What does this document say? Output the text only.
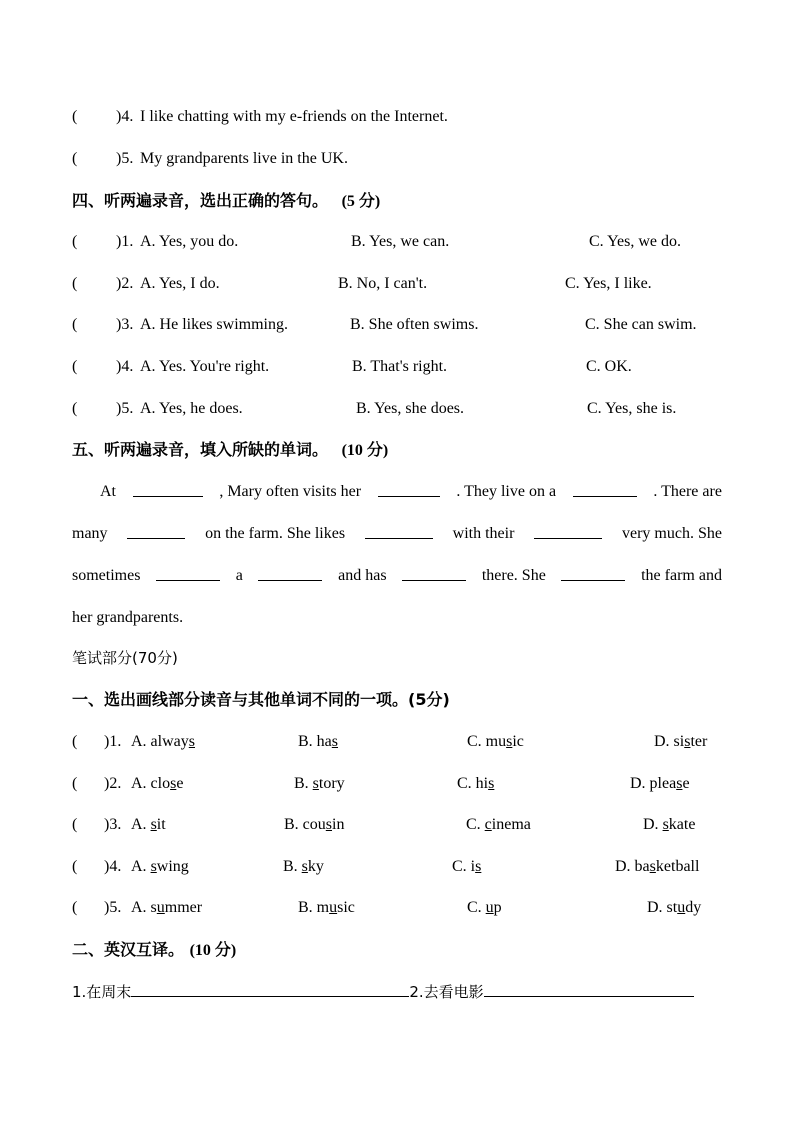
( )4. I like chatting with my e-friends on the Internet.
( )5. My grandparents live in the UK.
四、听两遍录音，选出正确的答句。 (5 分)
( )1. A. Yes, you do.	B. Yes, we can.	C. Yes, we do.
( )2. A. Yes, I do.	B. No, I can't.	C. Yes, I like.
( )3. A. He likes swimming.	B. She often swims.	C. She can swim.
( )4. A. Yes. You're right.	B. That's right.	C. OK.
( )5. A. Yes, he does.	B. Yes, she does.	C. Yes, she is.
五、听两遍录音，填入所缺的单词。 (10 分)
At	, Mary often visits her	. They live on a	. There are
many	on the farm. She likes	with their	very much. She
sometimes	a	and has	there. She	the farm and
her grandparents.
笔试部分(70分)
一、选出画线部分读音与其他单词不同的一项。(5分)
( )1. A. always	B. has	C. music	D. sister
( )2. A. close	B. story	C. his	D. please
( )3. A. sit	B. cousin	C. cinema	D. skate
( )4. A. swing	B. sky	C. is	D. basketball
( )5. A. summer	B. music	C. up	D. study
二、英汉互译。 (10 分)
1.在周末	2.去看电影
